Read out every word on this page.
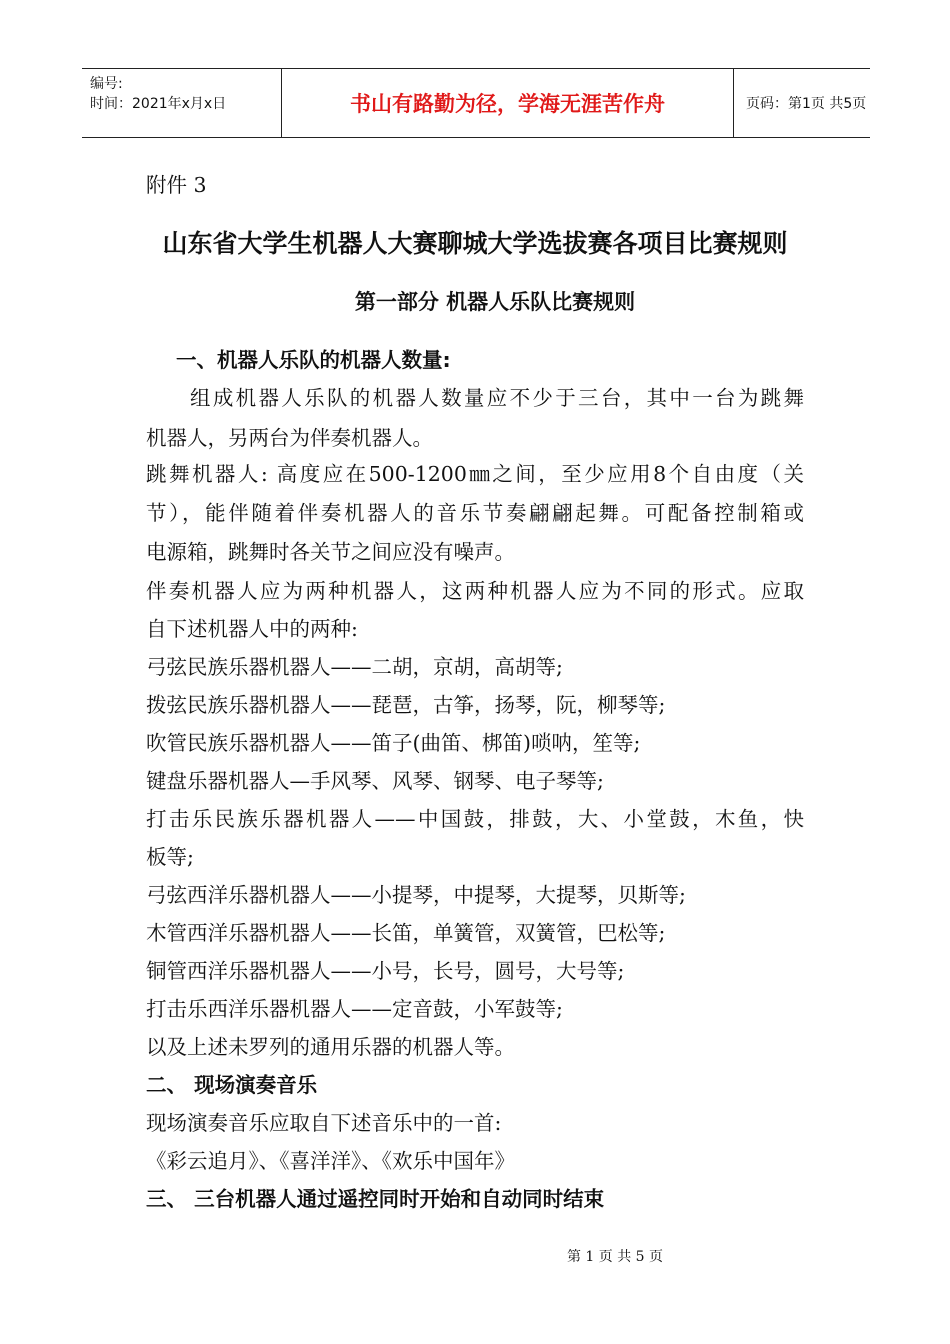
编号:
时间：2021年x月x日	书山有路勤为径，学海无涯苦作舟	页码：第1页 共5页
附件 3
山东省大学生机器人大赛聊城大学选拔赛各项目比赛规则
第一部分 机器人乐队比赛规则
一、机器人乐队的机器人数量:
组成机器人乐队的机器人数量应不少于三台，其中一台为跳舞
机器人，另两台为伴奏机器人。
跳舞机器人: 高度应在500-1200㎜之间，至少应用8个自由度（关
节），能伴随着伴奏机器人的音乐节奏翩翩起舞。可配备控制箱或
电源箱，跳舞时各关节之间应没有噪声。
伴奏机器人应为两种机器人，这两种机器人应为不同的形式。应取
自下述机器人中的两种:
弓弦民族乐器机器人——二胡，京胡，高胡等;
拨弦民族乐器机器人——琵琶，古筝，扬琴，阮，柳琴等;
吹管民族乐器机器人——笛子(曲笛、梆笛)唢呐，笙等;
键盘乐器机器人—手风琴、风琴、钢琴、电子琴等;
打击乐民族乐器机器人——中国鼓，排鼓，大、小堂鼓，木鱼，快
板等;
弓弦西洋乐器机器人——小提琴，中提琴，大提琴，贝斯等;
木管西洋乐器机器人——长笛，单簧管，双簧管，巴松等;
铜管西洋乐器机器人——小号，长号，圆号，大号等;
打击乐西洋乐器机器人——定音鼓，小军鼓等;
以及上述未罗列的通用乐器的机器人等。
二、 现场演奏音乐
现场演奏音乐应取自下述音乐中的一首:
《彩云追月》、《喜洋洋》、《欢乐中国年》
三、 三台机器人通过遥控同时开始和自动同时结束
第 1 页 共 5 页
